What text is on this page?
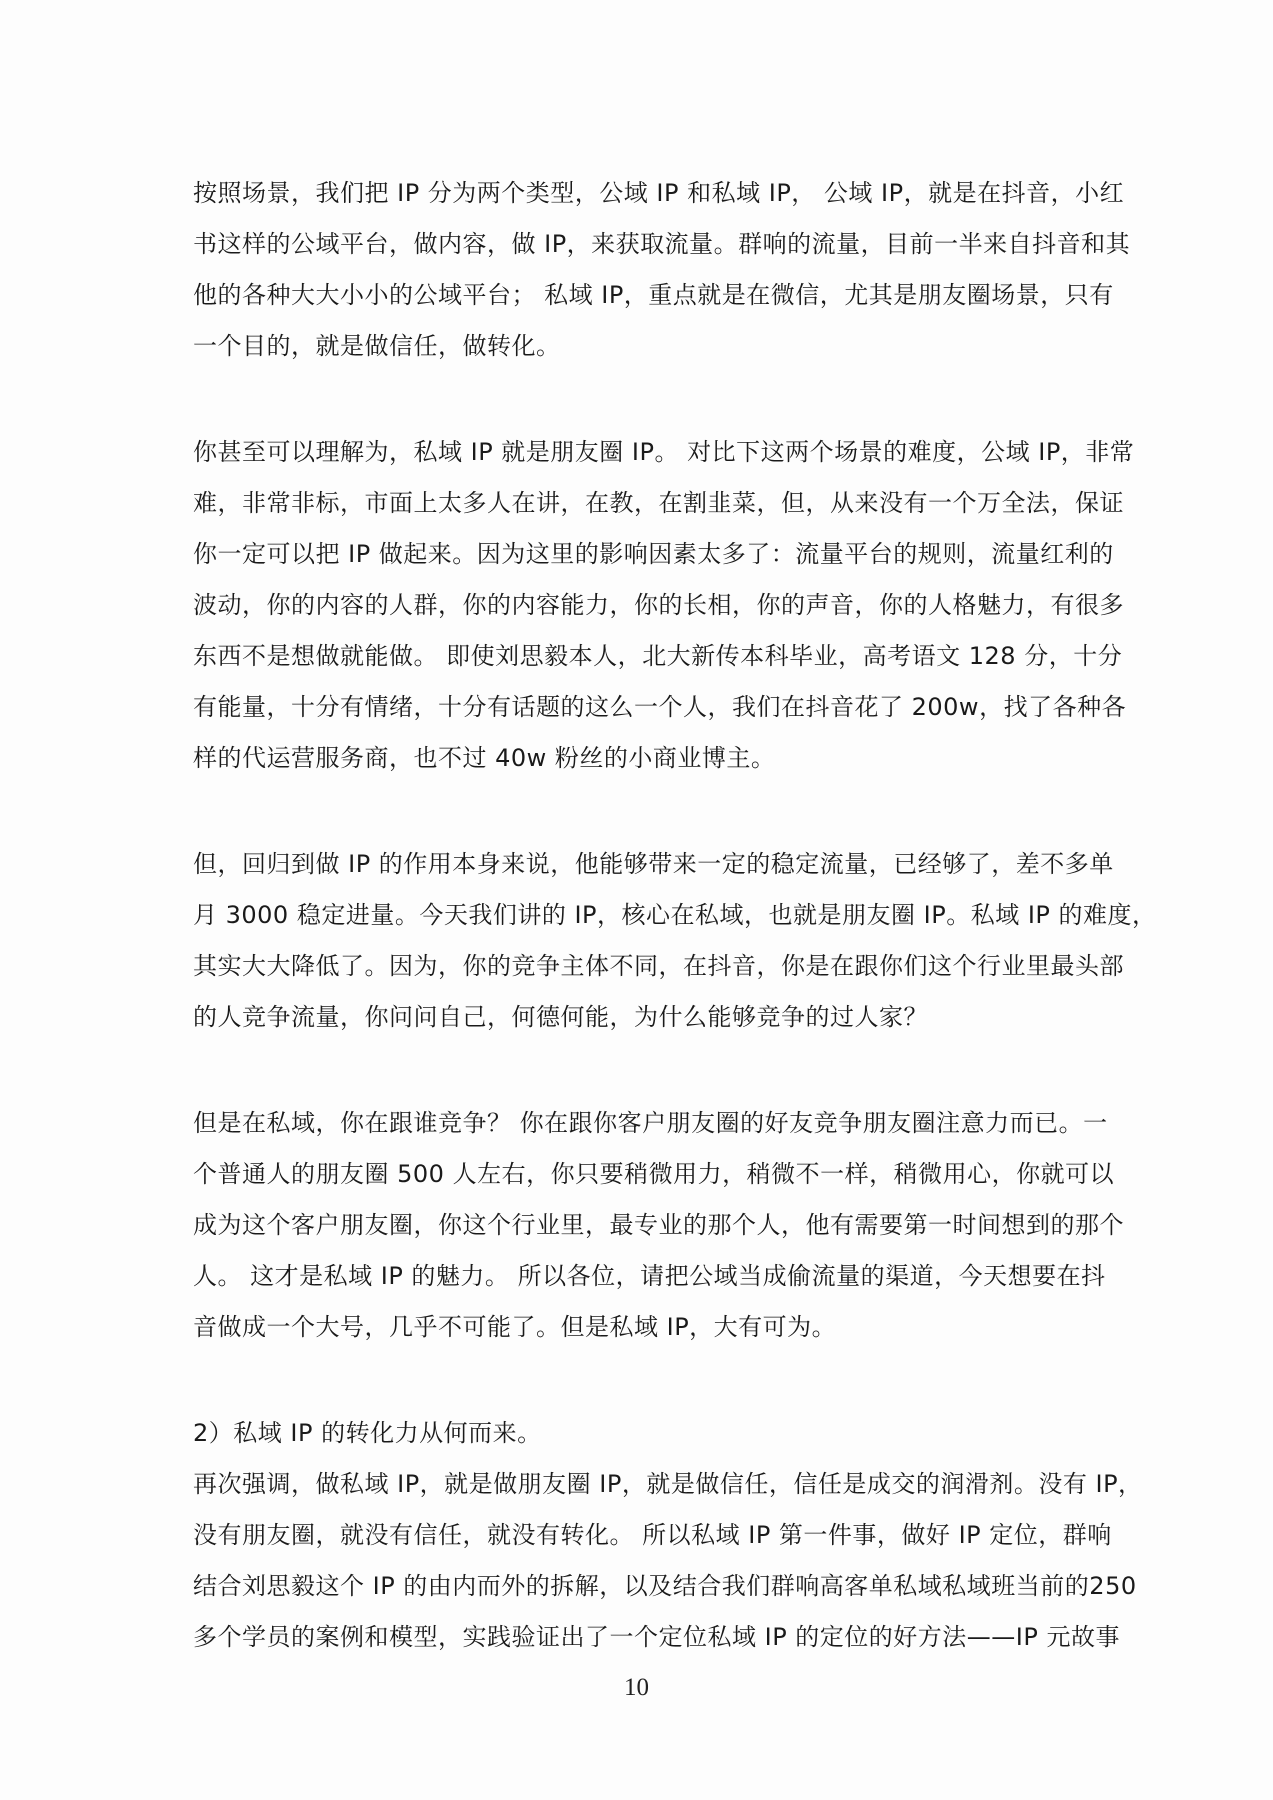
按照场景，我们把 IP 分为两个类型，公域 IP 和私域 IP， 公域 IP，就是在抖音，小红
书这样的公域平台，做内容，做 IP，来获取流量。群响的流量，目前一半来自抖音和其
他的各种大大小小的公域平台； 私域 IP，重点就是在微信，尤其是朋友圈场景，只有
一个目的，就是做信任，做转化。

你甚至可以理解为，私域 IP 就是朋友圈 IP。 对比下这两个场景的难度，公域 IP，非常
难，非常非标，市面上太多人在讲，在教，在割韭菜，但，从来没有一个万全法，保证
你一定可以把 IP 做起来。因为这里的影响因素太多了：流量平台的规则，流量红利的
波动，你的内容的人群，你的内容能力，你的长相，你的声音，你的人格魅力，有很多
东西不是想做就能做。 即使刘思毅本人，北大新传本科毕业，高考语文 128 分，十分
有能量，十分有情绪，十分有话题的这么一个人，我们在抖音花了 200w，找了各种各
样的代运营服务商，也不过 40w 粉丝的小商业博主。

但，回归到做 IP 的作用本身来说，他能够带来一定的稳定流量，已经够了，差不多单
月 3000 稳定进量。今天我们讲的 IP，核心在私域，也就是朋友圈 IP。私域 IP 的难度，
其实大大降低了。因为，你的竞争主体不同，在抖音，你是在跟你们这个行业里最头部
的人竞争流量，你问问自己，何德何能，为什么能够竞争的过人家？

但是在私域，你在跟谁竞争？ 你在跟你客户朋友圈的好友竞争朋友圈注意力而已。一
个普通人的朋友圈 500 人左右，你只要稍微用力，稍微不一样，稍微用心，你就可以
成为这个客户朋友圈，你这个行业里，最专业的那个人，他有需要第一时间想到的那个
人。 这才是私域 IP 的魅力。 所以各位，请把公域当成偷流量的渠道，今天想要在抖
音做成一个大号，几乎不可能了。但是私域 IP，大有可为。

2）私域 IP 的转化力从何而来。

再次强调，做私域 IP，就是做朋友圈 IP，就是做信任，信任是成交的润滑剂。没有 IP，
没有朋友圈，就没有信任，就没有转化。 所以私域 IP 第一件事，做好 IP 定位，群响
结合刘思毅这个 IP 的由内而外的拆解，以及结合我们群响高客单私域私域班当前的250
多个学员的案例和模型，实践验证出了一个定位私域 IP 的定位的好方法——IP 元故事

10
